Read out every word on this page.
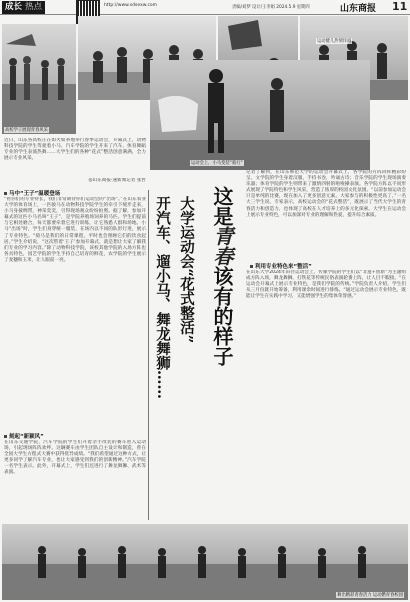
成长 热点	http://www.sdsexw.com	责编/刘梦 设计/王李娟 2024.5.9 星期四	山东商报 11
高校学子展现青春风采
运动健儿热情洋溢
运动会上，小马变装“骑行”
近日，山东各高校正在如火如荼地举行春季运动会，开幕式上，动物科技学院的学生驾驶着小马、汽车学院的学生开来了汽车，体育舞蹈专业的学生表演热舞……大学生们的各种“花式”整活创意满满，全力展示专业风采。
◎山东商报·速新闻记者 张哲
这是青春该有的样子
大学运动会“花式整活”
开汽车、遛小马、舞龙舞狮……
马中“王子”温暖登场
“看你们的专业特长，我们非常期待你们运动会的“出场”。”在山东农业大学的体育场上，一匹骏马在动物科技学院学生的牵引下缓步走来，小马身披绸带，神采奕奕，引得现场观众纷纷拍照。据了解，参加开幕式的这匹小马名叫“王子”，是学院养殖场饲养的马匹。学生们提前与它相处磨合，每天都要牵着它进行训练，让它熟悉人群和场地。小马“出场”时，学生们身穿统一服装，在场内以不同的队形行进，展示了专业特色。“骑马是我们的日常课程，平时也会照顾它们的饮食起居。”学生介绍说，“这次带着‘王子’参加开幕式，就是想让大家了解我们专业的学习内容。”除了动物科技学院，该校其他学院的入场方阵也各具特色，园艺学院的学生手持自己培育的鲜花，农学院的学生展示了麦穗和玉米，让人眼前一亮。
刻起“新颖风”
在山东交通学院，汽车学院的学生们开着亲手改装的赛车进入运动场，引起现场阵阵欢呼。这辆赛车由学生团队自主设计和制造，曾在全国大学生方程式大赛中获得优异成绩。“我们希望通过这种方式，让更多同学了解汽车专业，也让大家感受到我们的创新精神。”汽车学院一名学生表示。此外，开幕式上，学生们还进行了舞龙舞狮、武术等表演。
记者了解到，在山东师范大学的运动会开幕式上，各学院的方阵同样精彩纷呈。文学院的学生身着汉服，手持书卷，吟诵古诗；音乐学院的学生现场演奏乐器；体育学院的学生则带来了激情四射的啦啦操表演。各学院方阵以不同形式展现了学院特色和学生风采，营造了浓厚的校园文化氛围。“以前参加运动会只是单纯的比赛，现在加入了更多创意元素，大家参与的积极性更高了。”一名大三学生说。专家表示，高校运动会的“花式整活”，既展示了当代大学生的青春活力和创造力，也体现了高校在人才培养上的多元化探索。大学生在运动会上展示专业特色，可以加深对专业的理解和热爱，提升综合素质。
利用专业特色来“整活”
在山东大学2024年田径运动会上，传媒学院的学生们以“非遗+创新”为主题组成方阵入场，舞龙舞狮、打铁花等传统民俗表演轮番上阵，让人目不暇接。“在运动会开幕式上展示专业特色，是我们学院的传统。”学院负责人介绍，学生们从三月份就开始筹备，利用课余时间进行排练。“通过运动会展示专业特色，既能让学生在实践中学习，又能增强学生的集体荣誉感。”
舞出精彩青春活力 运动燃青春校园
